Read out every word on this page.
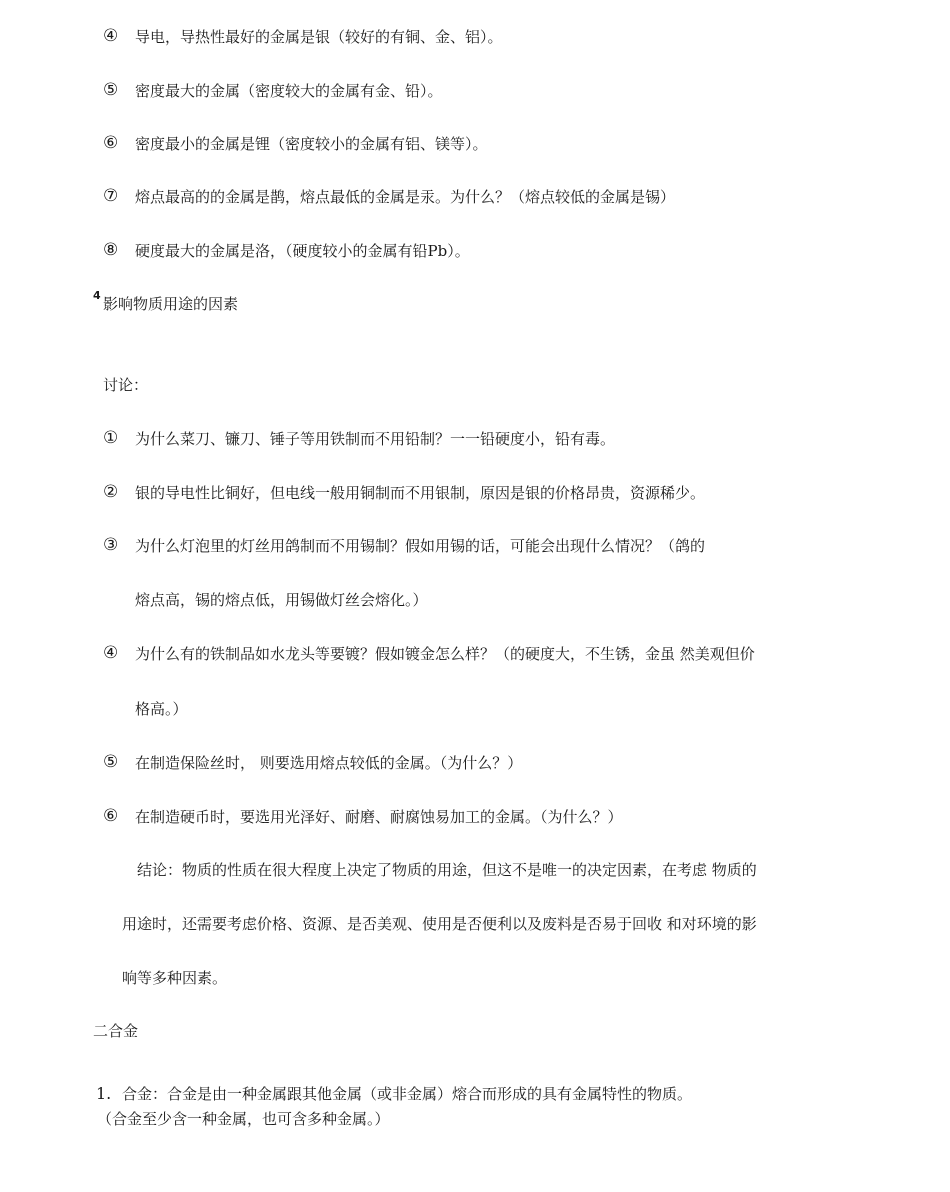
④ 导电，导热性最好的金属是银（较好的有铜、金、铝）。
⑤ 密度最大的金属（密度较大的金属有金、铅）。
⑥ 密度最小的金属是锂（密度较小的金属有铝、镁等）。
⑦ 熔点最高的的金属是鹊，熔点最低的金属是汞。为什么？（熔点较低的金属是锡）
⑧ 硬度最大的金属是洛，（硬度较小的金属有铅Pb）。
4 影响物质用途的因素
讨论：
① 为什么菜刀、镰刀、锤子等用铁制而不用铅制？一一铅硬度小，铅有毒。
② 银的导电性比铜好，但电线一般用铜制而不用银制，原因是银的价格昂贵，资源稀少。
③ 为什么灯泡里的灯丝用鸽制而不用锡制？假如用锡的话，可能会出现什么情况？（鸽的
熔点高，锡的熔点低，用锡做灯丝会熔化。）
④ 为什么有的铁制品如水龙头等要镀？假如镀金怎么样？（的硬度大，不生锈，金虽 然美观但价
格高。）
⑤ 在制造保险丝时， 则要选用熔点较低的金属。（为什么？）
⑥ 在制造硬币时，要选用光泽好、耐磨、耐腐蚀易加工的金属。（为什么？）
结论：物质的性质在很大程度上决定了物质的用途，但这不是唯一的决定因素，在考虑 物质的
用途时，还需要考虑价格、资源、是否美观、使用是否便利以及废料是否易于回收 和对环境的影
响等多种因素。
二合金
1. 合金：合金是由一种金属跟其他金属（或非金属）熔合而形成的具有金属特性的物质。
（合金至少含一种金属，也可含多种金属。）
